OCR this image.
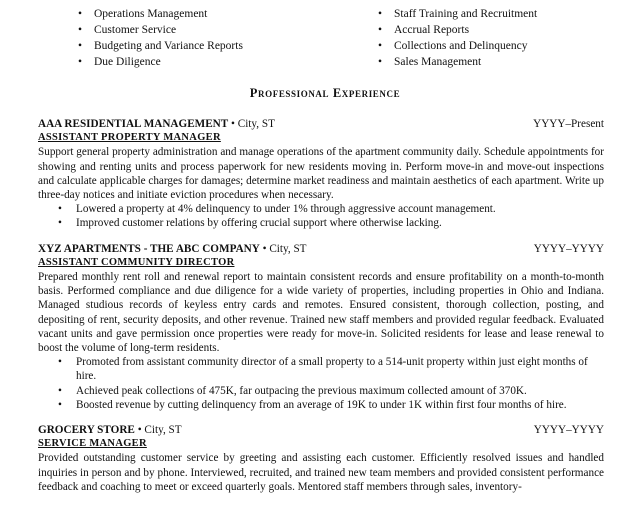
• Operations Management
• Customer Service
• Budgeting and Variance Reports
• Due Diligence
• Staff Training and Recruitment
• Accrual Reports
• Collections and Delinquency
• Sales Management
Professional Experience
AAA RESIDENTIAL MANAGEMENT • City, ST	YYYY–Present
ASSISTANT PROPERTY MANAGER
Support general property administration and manage operations of the apartment community daily. Schedule appointments for showing and renting units and process paperwork for new residents moving in. Perform move-in and move-out inspections and calculate applicable charges for damages; determine market readiness and maintain aesthetics of each apartment. Write up three-day notices and initiate eviction procedures when necessary.
• Lowered a property at 4% delinquency to under 1% through aggressive account management.
• Improved customer relations by offering crucial support where otherwise lacking.
XYZ APARTMENTS - THE ABC COMPANY • City, ST	YYYY–YYYY
ASSISTANT COMMUNITY DIRECTOR
Prepared monthly rent roll and renewal report to maintain consistent records and ensure profitability on a month-to-month basis. Performed compliance and due diligence for a wide variety of properties, including properties in Ohio and Indiana. Managed studious records of keyless entry cards and remotes. Ensured consistent, thorough collection, posting, and depositing of rent, security deposits, and other revenue. Trained new staff members and provided regular feedback. Evaluated vacant units and gave permission once properties were ready for move-in. Solicited residents for lease and lease renewal to boost the volume of long-term residents.
• Promoted from assistant community director of a small property to a 514-unit property within just eight months of hire.
• Achieved peak collections of 475K, far outpacing the previous maximum collected amount of 370K.
• Boosted revenue by cutting delinquency from an average of 19K to under 1K within first four months of hire.
GROCERY STORE • City, ST	YYYY–YYYY
SERVICE MANAGER
Provided outstanding customer service by greeting and assisting each customer. Efficiently resolved issues and handled inquiries in person and by phone. Interviewed, recruited, and trained new team members and provided consistent performance feedback and coaching to meet or exceed quarterly goals. Mentored staff members through sales, inventory-
